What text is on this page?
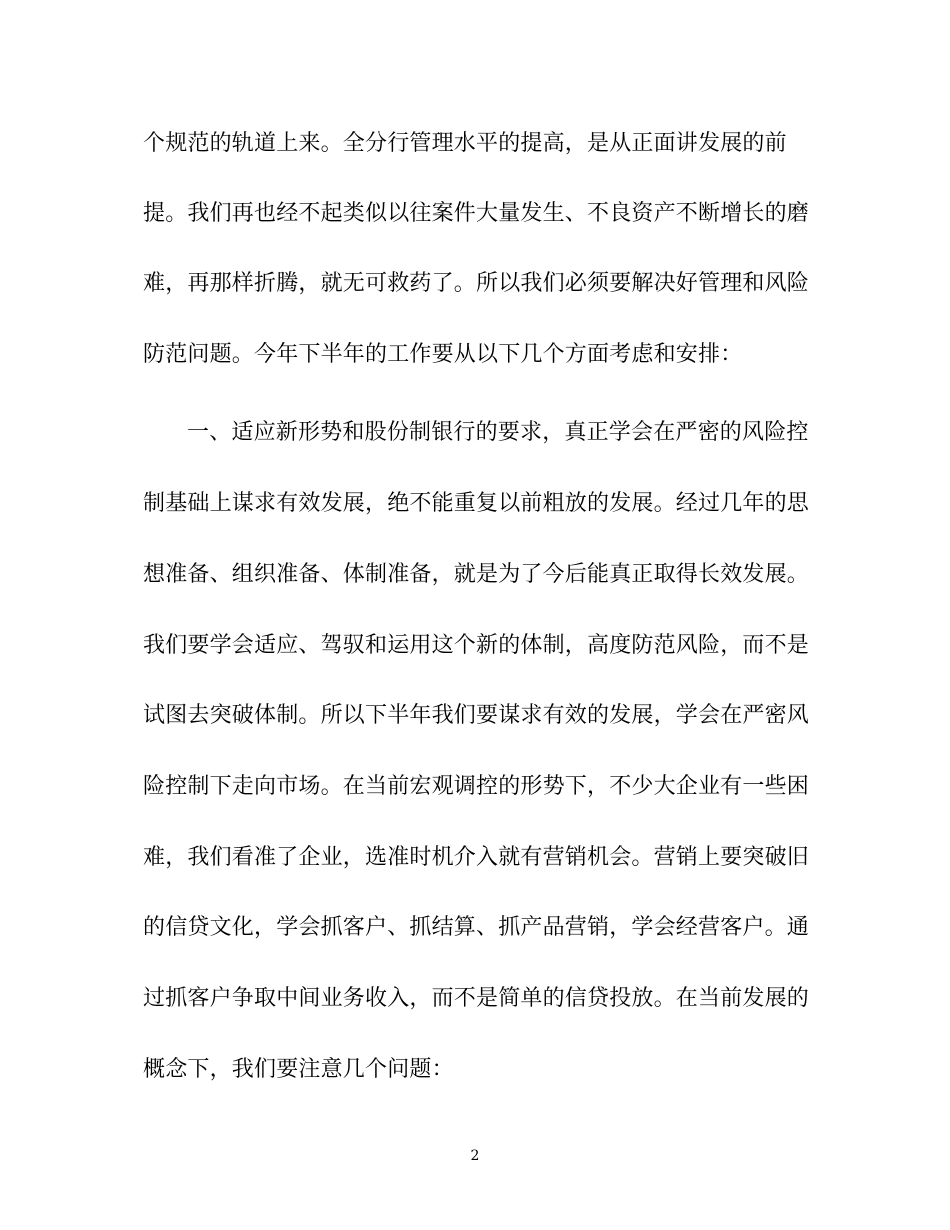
个规范的轨道上来。全分行管理水平的提高，是从正面讲发展的前
提。我们再也经不起类似以往案件大量发生、不良资产不断增长的磨
难，再那样折腾，就无可救药了。所以我们必须要解决好管理和风险
防范问题。今年下半年的工作要从以下几个方面考虑和安排：
一、适应新形势和股份制银行的要求，真正学会在严密的风险控
制基础上谋求有效发展，绝不能重复以前粗放的发展。经过几年的思
想准备、组织准备、体制准备，就是为了今后能真正取得长效发展。
我们要学会适应、驾驭和运用这个新的体制，高度防范风险，而不是
试图去突破体制。所以下半年我们要谋求有效的发展，学会在严密风
险控制下走向市场。在当前宏观调控的形势下，不少大企业有一些困
难，我们看准了企业，选准时机介入就有营销机会。营销上要突破旧
的信贷文化，学会抓客户、抓结算、抓产品营销，学会经营客户。通
过抓客户争取中间业务收入，而不是简单的信贷投放。在当前发展的
概念下，我们要注意几个问题：
2
